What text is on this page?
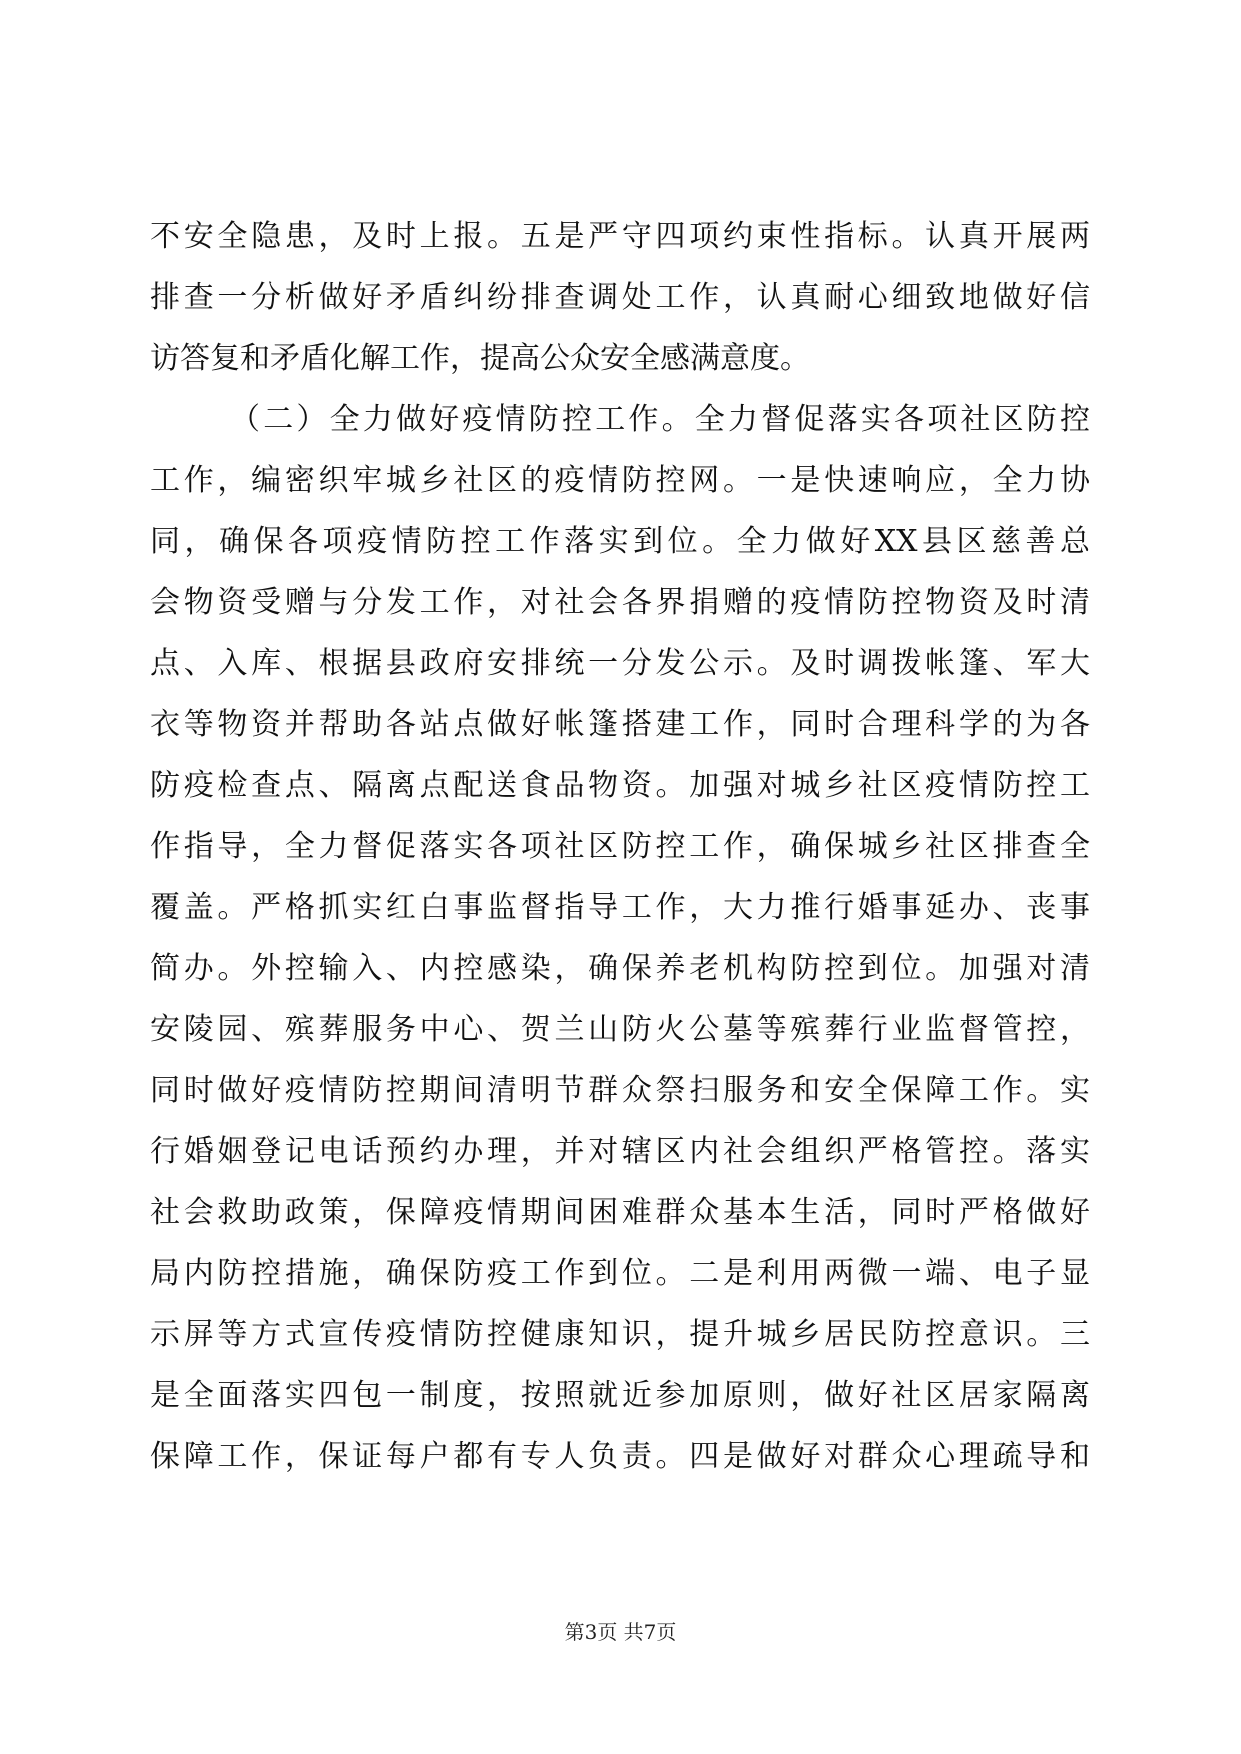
不安全隐患，及时上报。五是严守四项约束性指标。认真开展两
排查一分析做好矛盾纠纷排查调处工作，认真耐心细致地做好信
访答复和矛盾化解工作，提高公众安全感满意度。
（二）全力做好疫情防控工作。全力督促落实各项社区防控
工作，编密织牢城乡社区的疫情防控网。一是快速响应，全力协
同，确保各项疫情防控工作落实到位。全力做好XX县区慈善总
会物资受赠与分发工作，对社会各界捐赠的疫情防控物资及时清
点、入库、根据县政府安排统一分发公示。及时调拨帐篷、军大
衣等物资并帮助各站点做好帐篷搭建工作，同时合理科学的为各
防疫检查点、隔离点配送食品物资。加强对城乡社区疫情防控工
作指导，全力督促落实各项社区防控工作，确保城乡社区排查全
覆盖。严格抓实红白事监督指导工作，大力推行婚事延办、丧事
简办。外控输入、内控感染，确保养老机构防控到位。加强对清
安陵园、殡葬服务中心、贺兰山防火公墓等殡葬行业监督管控，
同时做好疫情防控期间清明节群众祭扫服务和安全保障工作。实
行婚姻登记电话预约办理，并对辖区内社会组织严格管控。落实
社会救助政策，保障疫情期间困难群众基本生活，同时严格做好
局内防控措施，确保防疫工作到位。二是利用两微一端、电子显
示屏等方式宣传疫情防控健康知识，提升城乡居民防控意识。三
是全面落实四包一制度，按照就近参加原则，做好社区居家隔离
保障工作，保证每户都有专人负责。四是做好对群众心理疏导和
第3页 共7页
